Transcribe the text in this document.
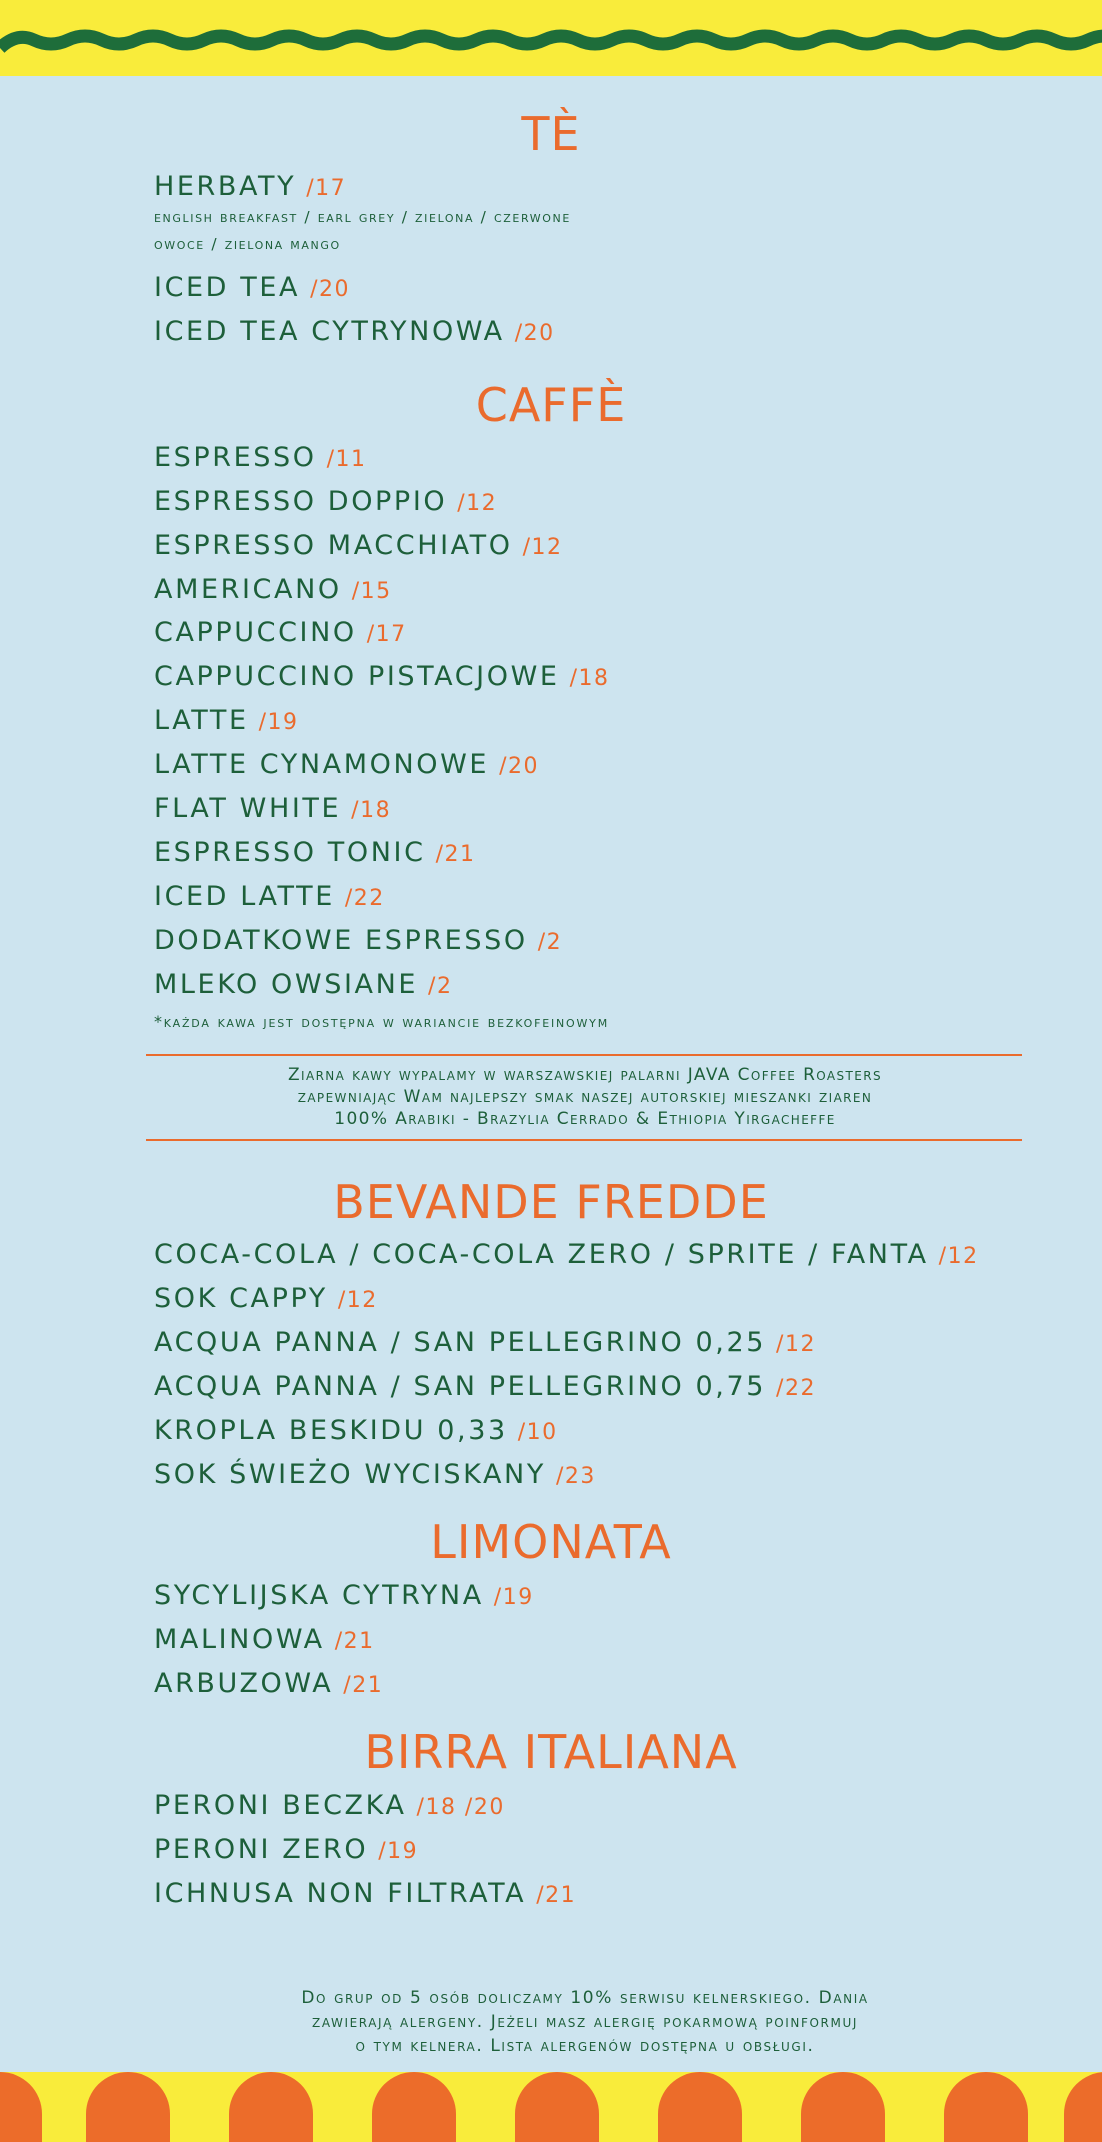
TÈ
HERBATY /17
english breakfast / earl grey / zielona / czerwone
owoce / zielona mango
ICED TEA /20
ICED TEA CYTRYNOWA /20
CAFFÈ
ESPRESSO /11
ESPRESSO DOPPIO /12
ESPRESSO MACCHIATO /12
AMERICANO /15
CAPPUCCINO /17
CAPPUCCINO PISTACJOWE /18
LATTE /19
LATTE CYNAMONOWE /20
FLAT WHITE /18
ESPRESSO TONIC /21
ICED LATTE /22
DODATKOWE ESPRESSO /2
MLEKO OWSIANE /2
*każda kawa jest dostępna w wariancie bezkofeinowym
Ziarna kawy wypalamy w warszawskiej palarni JAVA Coffee Roasters
zapewniając Wam najlepszy smak naszej autorskiej mieszanki ziaren
100% Arabiki - Brazylia Cerrado & Ethiopia Yirgacheffe
BEVANDE FREDDE
COCA-COLA / COCA-COLA ZERO / SPRITE / FANTA /12
SOK CAPPY /12
ACQUA PANNA / SAN PELLEGRINO 0,25 /12
ACQUA PANNA / SAN PELLEGRINO 0,75 /22
KROPLA BESKIDU 0,33 /10
SOK ŚWIEŻO WYCISKANY /23
LIMONATA
SYCYLIJSKA CYTRYNA /19
MALINOWA /21
ARBUZOWA /21
BIRRA ITALIANA
PERONI BECZKA /18 /20
PERONI ZERO /19
ICHNUSA NON FILTRATA /21
Do grup od 5 osób doliczamy 10% serwisu kelnerskiego. Dania
zawierają alergeny. Jeżeli masz alergię pokarmową poinformuj
o tym kelnera. Lista alergenów dostępna u obsługi.
